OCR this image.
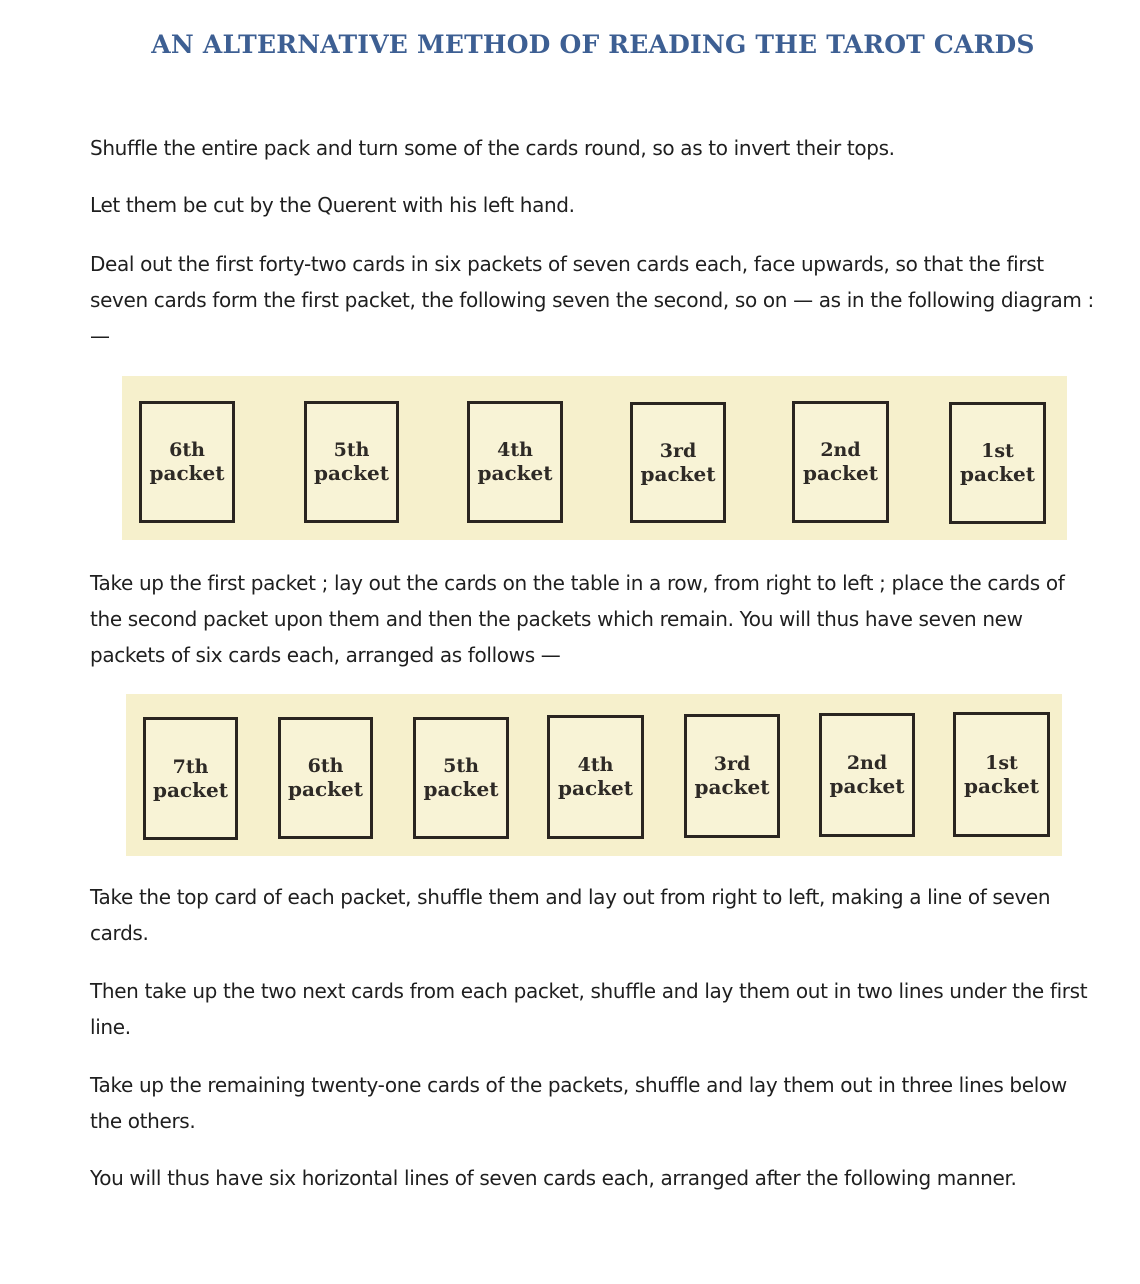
AN ALTERNATIVE METHOD OF READING THE TAROT CARDS

Shuffle the entire pack and turn some of the cards round, so as to invert their tops.

Let them be cut by the Querent with his left hand.

Deal out the first forty-two cards in six packets of seven cards each, face upwards, so that the first seven cards form the first packet, the following seven the second, so on — as in the following diagram : —

6th
packet
5th
packet
4th
packet
3rd
packet
2nd
packet
1st
packet

Take up the first packet ; lay out the cards on the table in a row, from right to left ; place the cards of the second packet upon them and then the packets which remain. You will thus have seven new packets of six cards each, arranged as follows —

7th
packet
6th
packet
5th
packet
4th
packet
3rd
packet
2nd
packet
1st
packet

Take the top card of each packet, shuffle them and lay out from right to left, making a line of seven cards.

Then take up the two next cards from each packet, shuffle and lay them out in two lines under the first line.

Take up the remaining twenty-one cards of the packets, shuffle and lay them out in three lines below the others.

You will thus have six horizontal lines of seven cards each, arranged after the following manner.
